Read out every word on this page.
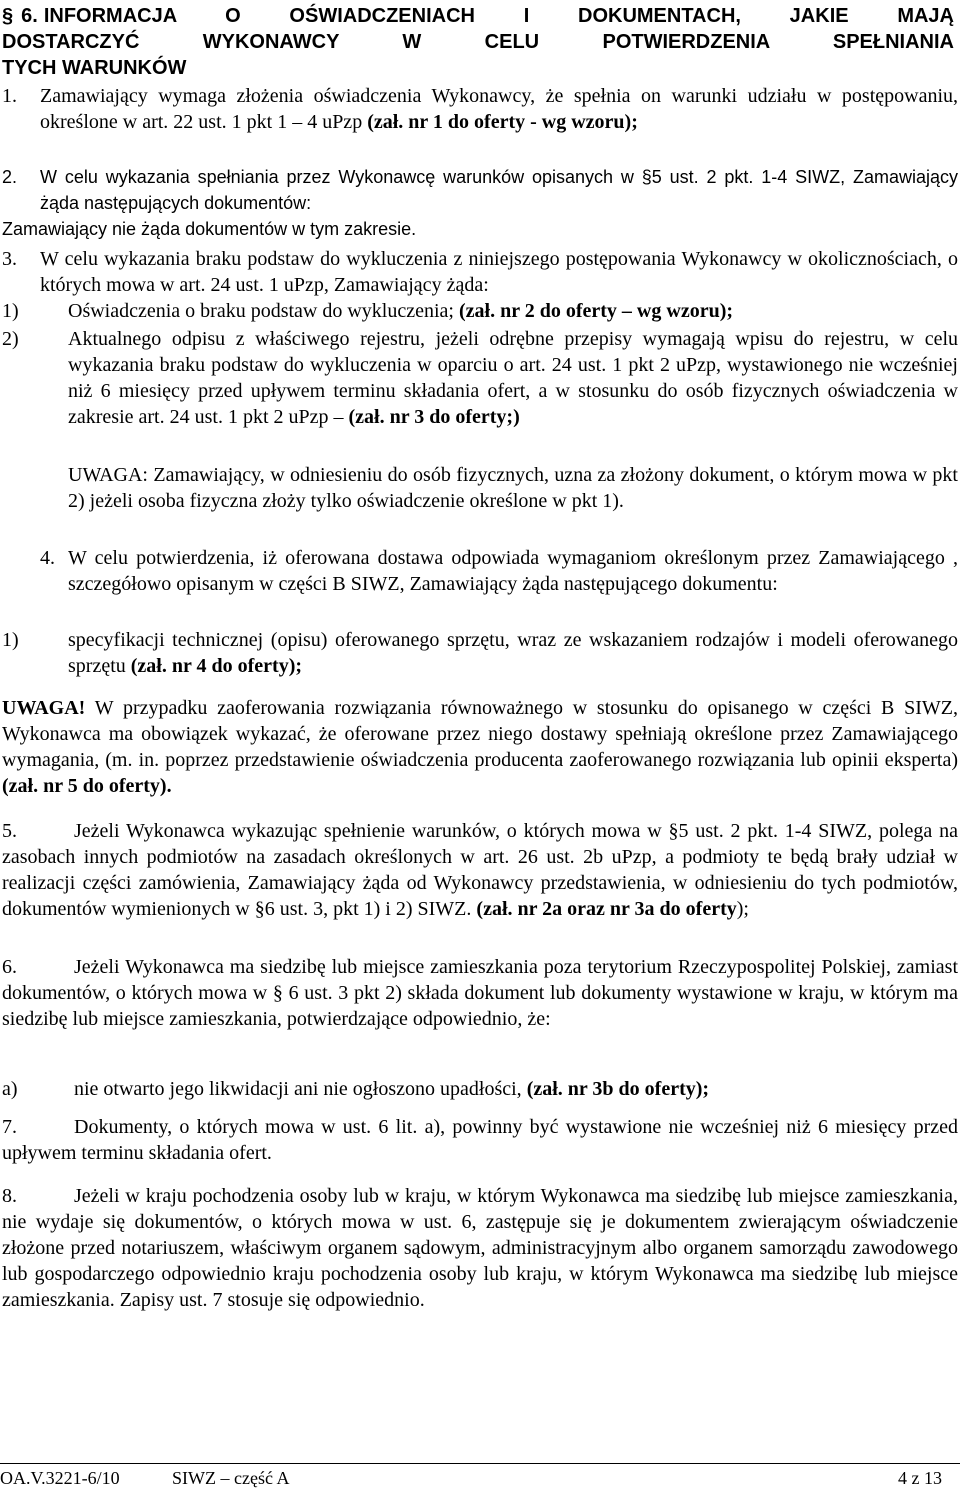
§ 6. INFORMACJA O OŚWIADCZENIACH I DOKUMENTACH, JAKIE MAJĄ
DOSTARCZYĆ WYKONAWCY W CELU POTWIERDZENIA SPEŁNIANIA
TYCH WARUNKÓW
1. Zamawiający wymaga złożenia oświadczenia Wykonawcy, że spełnia on warunki udziału w postępowaniu, określone w art. 22 ust. 1 pkt 1 – 4 uPzp (zał. nr 1 do oferty - wg wzoru);
2.	W celu wykazania spełniania przez Wykonawcę warunków opisanych w §5 ust. 2 pkt. 1-4 SIWZ, Zamawiający żąda następujących dokumentów:
Zamawiający nie żąda dokumentów w tym zakresie.
3. W celu wykazania braku podstaw do wykluczenia z niniejszego postępowania Wykonawcy w okolicznościach, o których mowa w art. 24 ust. 1 uPzp, Zamawiający żąda:
1) Oświadczenia o braku podstaw do wykluczenia; (zał. nr 2 do oferty – wg wzoru);
2) Aktualnego odpisu z właściwego rejestru, jeżeli odrębne przepisy wymagają wpisu do rejestru, w celu wykazania braku podstaw do wykluczenia w oparciu o art. 24 ust. 1 pkt 2 uPzp, wystawionego nie wcześniej niż 6 miesięcy przed upływem terminu składania ofert, a w stosunku do osób fizycznych oświadczenia w zakresie art. 24 ust. 1 pkt 2 uPzp – (zał. nr 3 do oferty;)
UWAGA: Zamawiający, w odniesieniu do osób fizycznych, uzna za złożony dokument, o którym mowa w pkt 2) jeżeli osoba fizyczna złoży tylko oświadczenie określone w pkt 1).
4. W celu potwierdzenia, iż oferowana dostawa odpowiada wymaganiom określonym przez Zamawiającego , szczegółowo opisanym w części B SIWZ, Zamawiający żąda następującego dokumentu:
1) specyfikacji technicznej (opisu) oferowanego sprzętu, wraz ze wskazaniem rodzajów i modeli oferowanego sprzętu (zał. nr 4 do oferty);
UWAGA! W przypadku zaoferowania rozwiązania równoważnego w stosunku do opisanego w części B SIWZ, Wykonawca ma obowiązek wykazać, że oferowane przez niego dostawy spełniają określone przez Zamawiającego wymagania, (m. in. poprzez przedstawienie oświadczenia producenta zaoferowanego rozwiązania lub opinii eksperta) (zał. nr 5 do oferty).
5.	Jeżeli Wykonawca wykazując spełnienie warunków, o których mowa w §5 ust. 2 pkt. 1-4 SIWZ, polega na zasobach innych podmiotów na zasadach określonych w art. 26 ust. 2b uPzp, a podmioty te będą brały udział w realizacji części zamówienia, Zamawiający żąda od Wykonawcy przedstawienia, w odniesieniu do tych podmiotów, dokumentów wymienionych w §6 ust. 3, pkt 1) i 2) SIWZ. (zał. nr 2a oraz nr 3a do oferty);
6.	Jeżeli Wykonawca ma siedzibę lub miejsce zamieszkania poza terytorium Rzeczypospolitej Polskiej, zamiast dokumentów, o których mowa w § 6 ust. 3 pkt 2) składa dokument lub dokumenty wystawione w kraju, w którym ma siedzibę lub miejsce zamieszkania, potwierdzające odpowiednio, że:
a)	nie otwarto jego likwidacji ani nie ogłoszono upadłości, (zał. nr 3b do oferty);
7.	Dokumenty, o których mowa w ust. 6 lit. a), powinny być wystawione nie wcześniej niż 6 miesięcy przed upływem terminu składania ofert.
8.	Jeżeli w kraju pochodzenia osoby lub w kraju, w którym Wykonawca ma siedzibę lub miejsce zamieszkania, nie wydaje się dokumentów, o których mowa w ust. 6, zastępuje się je dokumentem zwierającym oświadczenie złożone przed notariuszem, właściwym organem sądowym, administracyjnym albo organem samorządu zawodowego lub gospodarczego odpowiednio kraju pochodzenia osoby lub kraju, w którym Wykonawca ma siedzibę lub miejsce zamieszkania. Zapisy ust. 7 stosuje się odpowiednio.
OA.V.3221-6/10	SIWZ – część A	4 z 13
